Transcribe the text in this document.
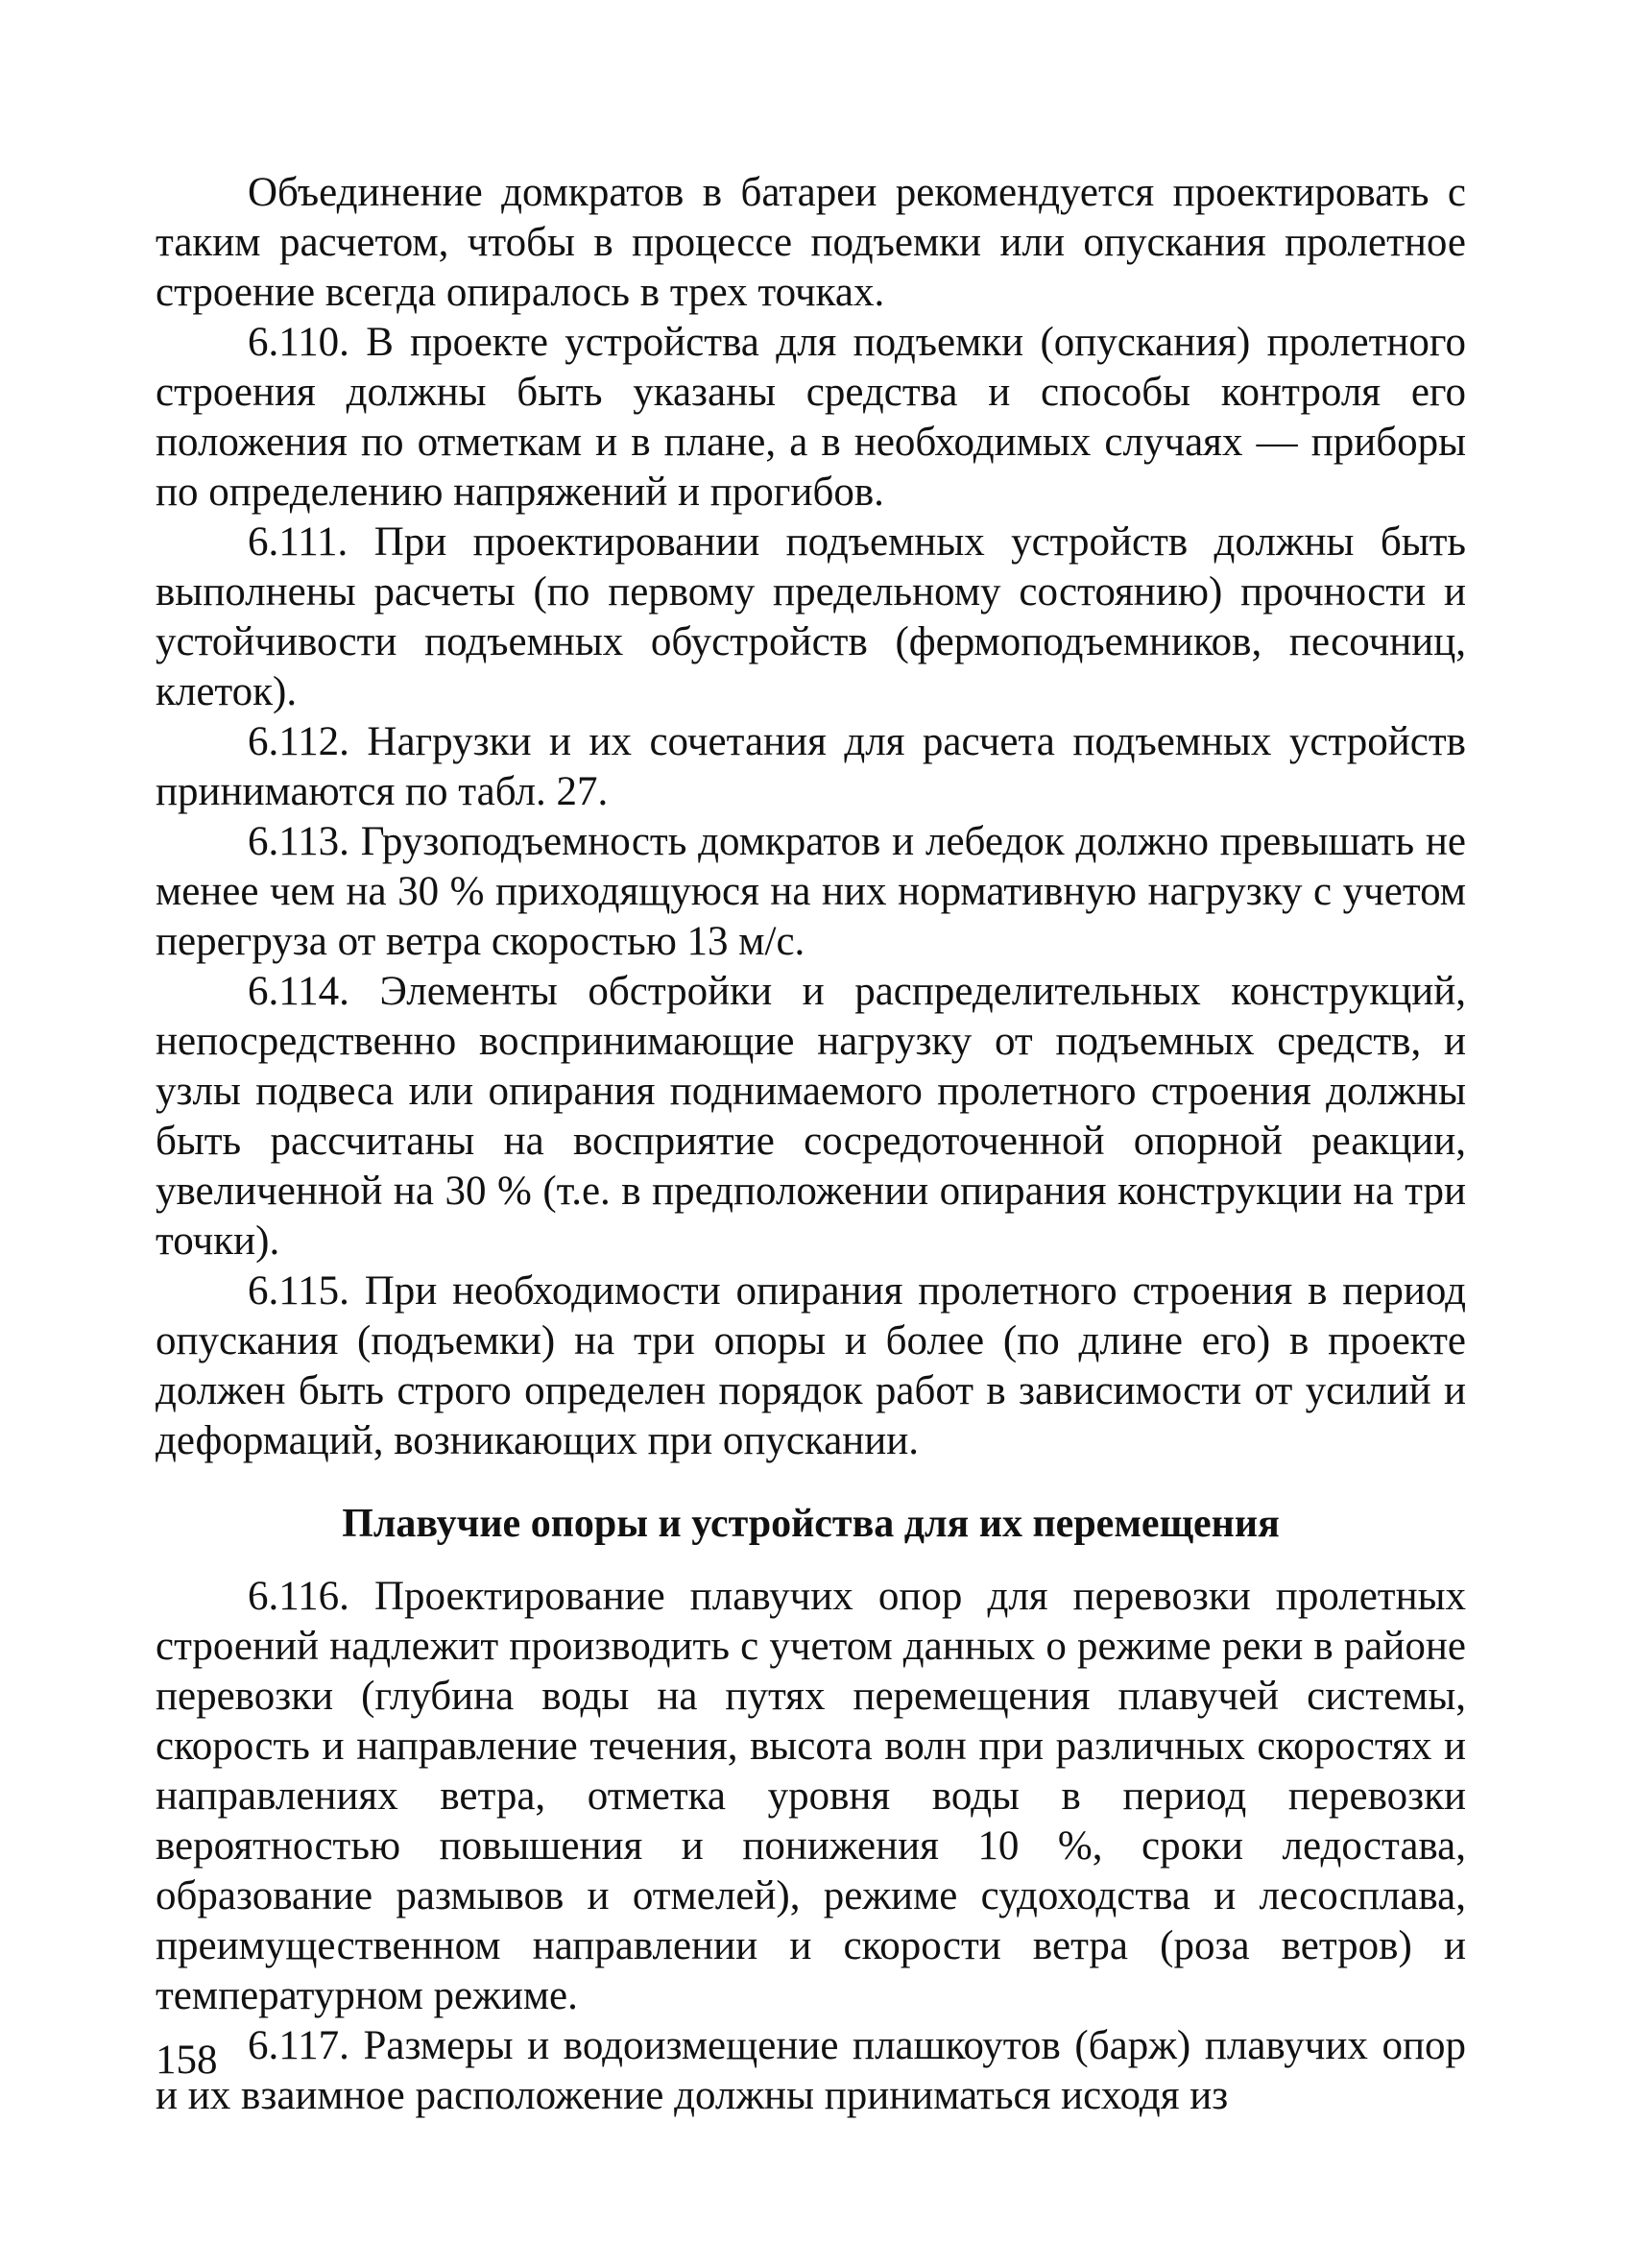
Объединение домкратов в батареи рекомендуется проектировать с таким расчетом, чтобы в процессе подъемки или опускания пролетное строение всегда опиралось в трех точках.

6.110. В проекте устройства для подъемки (опускания) пролетного строения должны быть указаны средства и способы контроля его положения по отметкам и в плане, а в необходимых случаях — приборы по определению напряжений и прогибов.

6.111. При проектировании подъемных устройств должны быть выполнены расчеты (по первому предельному состоянию) прочности и устойчивости подъемных обустройств (фермоподъемников, песочниц, клеток).

6.112. Нагрузки и их сочетания для расчета подъемных устройств принимаются по табл. 27.

6.113. Грузоподъемность домкратов и лебедок должно превышать не менее чем на 30 % приходящуюся на них нормативную нагрузку с учетом перегруза от ветра скоростью 13 м/с.

6.114. Элементы обстройки и распределительных конструкций, непосредственно воспринимающие нагрузку от подъемных средств, и узлы подвеса или опирания поднимаемого пролетного строения должны быть рассчитаны на восприятие сосредоточенной опорной реакции, увеличенной на 30 % (т.е. в предположении опирания конструкции на три точки).

6.115. При необходимости опирания пролетного строения в период опускания (подъемки) на три опоры и более (по длине его) в проекте должен быть строго определен порядок работ в зависимости от усилий и деформаций, возникающих при опускании.

Плавучие опоры и устройства для их перемещения

6.116. Проектирование плавучих опор для перевозки пролетных строений надлежит производить с учетом данных о режиме реки в районе перевозки (глубина воды на путях перемещения плавучей системы, скорость и направление течения, высота волн при различных скоростях и направлениях ветра, отметка уровня воды в период перевозки вероятностью повышения и понижения 10 %, сроки ледостава, образование размывов и отмелей), режиме судоходства и лесосплава, преимущественном направлении и скорости ветра (роза ветров) и температурном режиме.

6.117. Размеры и водоизмещение плашкоутов (барж) плавучих опор и их взаимное расположение должны приниматься исходя из

158
